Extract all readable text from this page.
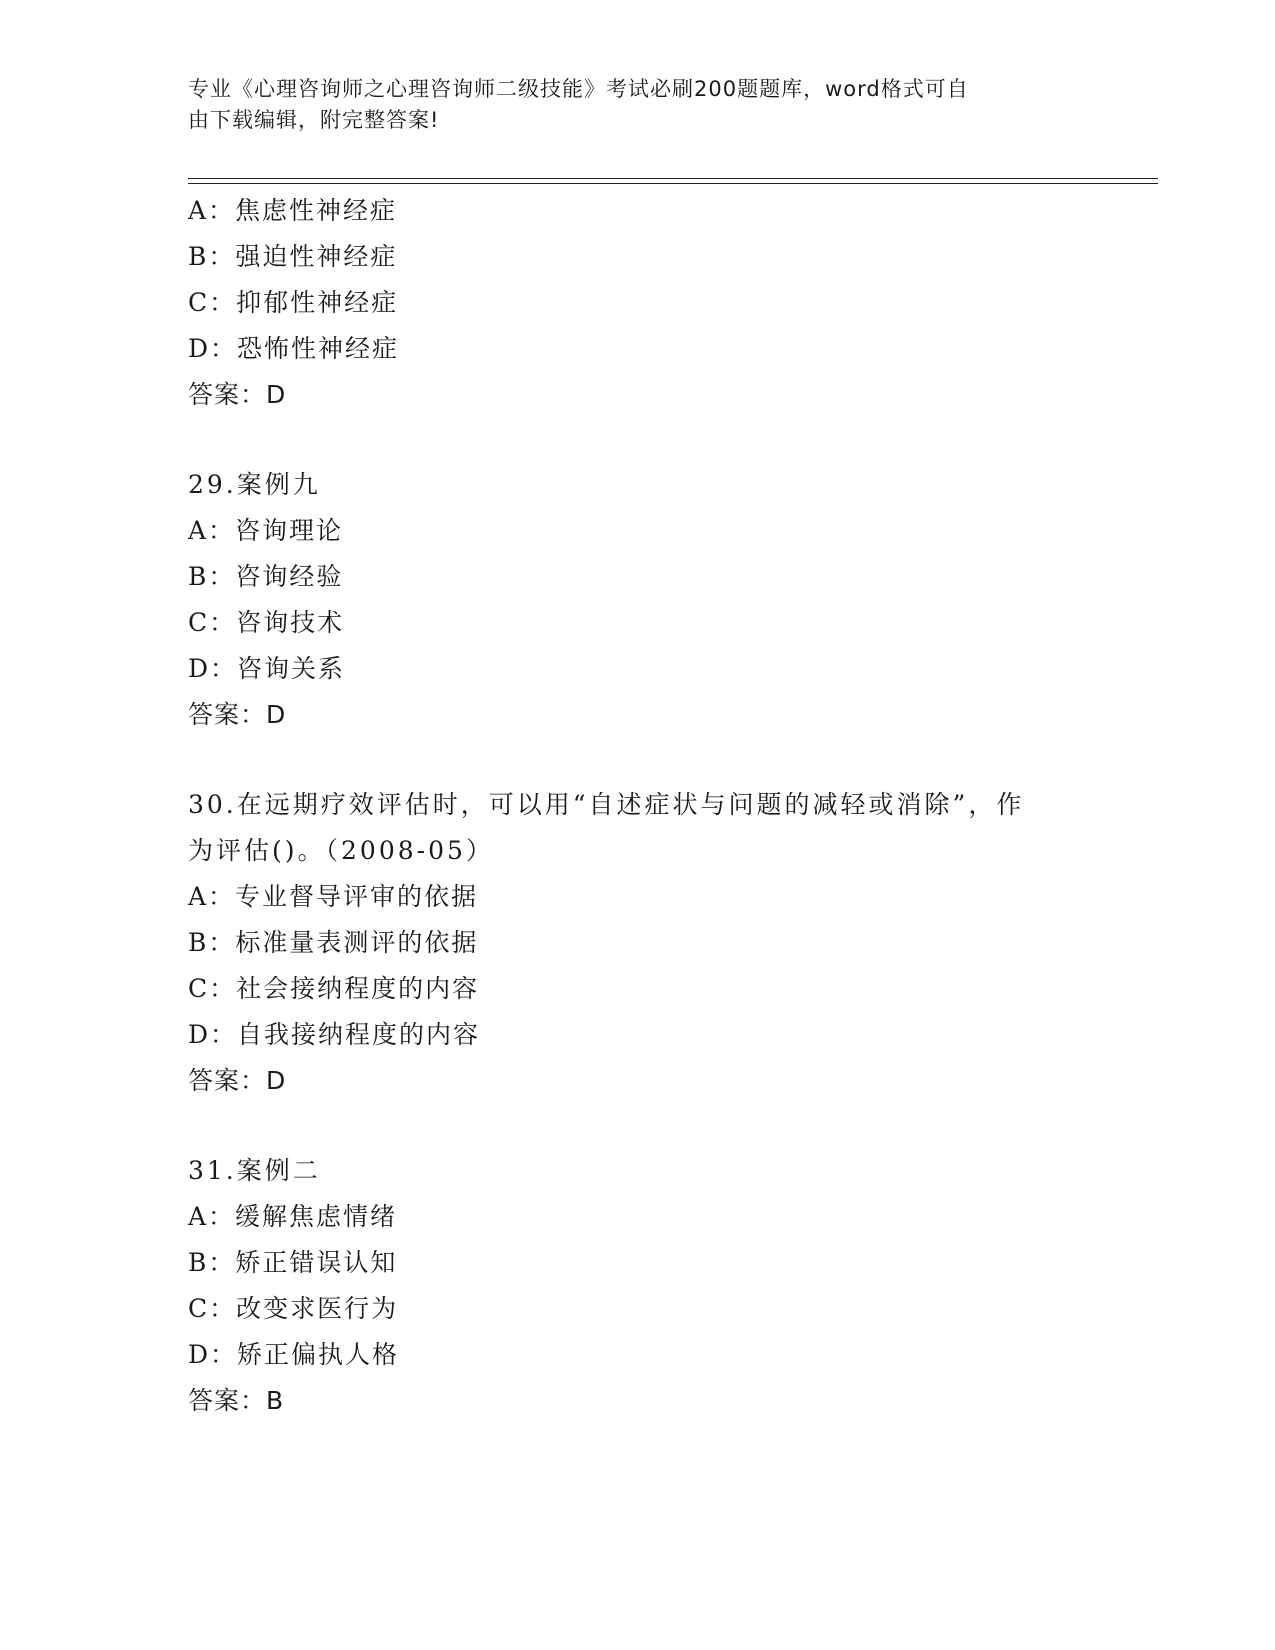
专业《心理咨询师之心理咨询师二级技能》考试必刷200题题库，word格式可自
由下载编辑，附完整答案!
A：焦虑性神经症
B：强迫性神经症
C：抑郁性神经症
D：恐怖性神经症
答案：D
29.案例九
A：咨询理论
B：咨询经验
C：咨询技术
D：咨询关系
答案：D
30.在远期疗效评估时，可以用“自述症状与问题的减轻或消除”，作
为评估()。（2008-05）
A：专业督导评审的依据
B：标准量表测评的依据
C：社会接纳程度的内容
D：自我接纳程度的内容
答案：D
31.案例二
A：缓解焦虑情绪
B：矫正错误认知
C：改变求医行为
D：矫正偏执人格
答案：B
